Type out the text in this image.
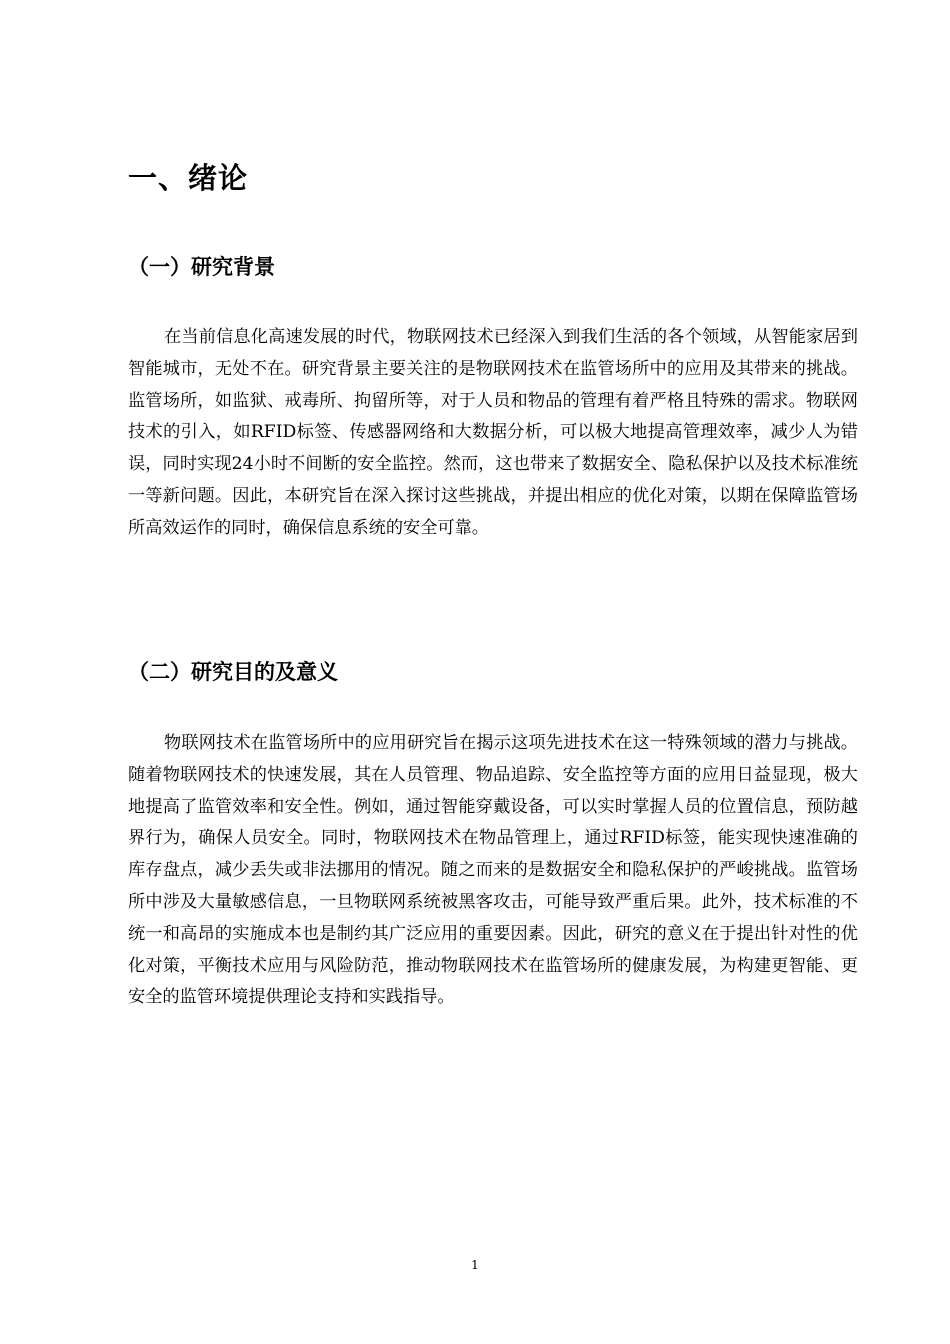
一、绪论
（一）研究背景

在当前信息化高速发展的时代，物联网技术已经深入到我们生活的各个领域，从智能家居到智能城市，无处不在。研究背景主要关注的是物联网技术在监管场所中的应用及其带来的挑战。监管场所，如监狱、戒毒所、拘留所等，对于人员和物品的管理有着严格且特殊的需求。物联网技术的引入，如RFID标签、传感器网络和大数据分析，可以极大地提高管理效率，减少人为错误，同时实现24小时不间断的安全监控。然而，这也带来了数据安全、隐私保护以及技术标准统一等新问题。因此，本研究旨在深入探讨这些挑战，并提出相应的优化对策，以期在保障监管场所高效运作的同时，确保信息系统的安全可靠。

（二）研究目的及意义

物联网技术在监管场所中的应用研究旨在揭示这项先进技术在这一特殊领域的潜力与挑战。随着物联网技术的快速发展，其在人员管理、物品追踪、安全监控等方面的应用日益显现，极大地提高了监管效率和安全性。例如，通过智能穿戴设备，可以实时掌握人员的位置信息，预防越界行为，确保人员安全。同时，物联网技术在物品管理上，通过RFID标签，能实现快速准确的库存盘点，减少丢失或非法挪用的情况。随之而来的是数据安全和隐私保护的严峻挑战。监管场所中涉及大量敏感信息，一旦物联网系统被黑客攻击，可能导致严重后果。此外，技术标准的不统一和高昂的实施成本也是制约其广泛应用的重要因素。因此，研究的意义在于提出针对性的优化对策，平衡技术应用与风险防范，推动物联网技术在监管场所的健康发展，为构建更智能、更安全的监管环境提供理论支持和实践指导。

1
